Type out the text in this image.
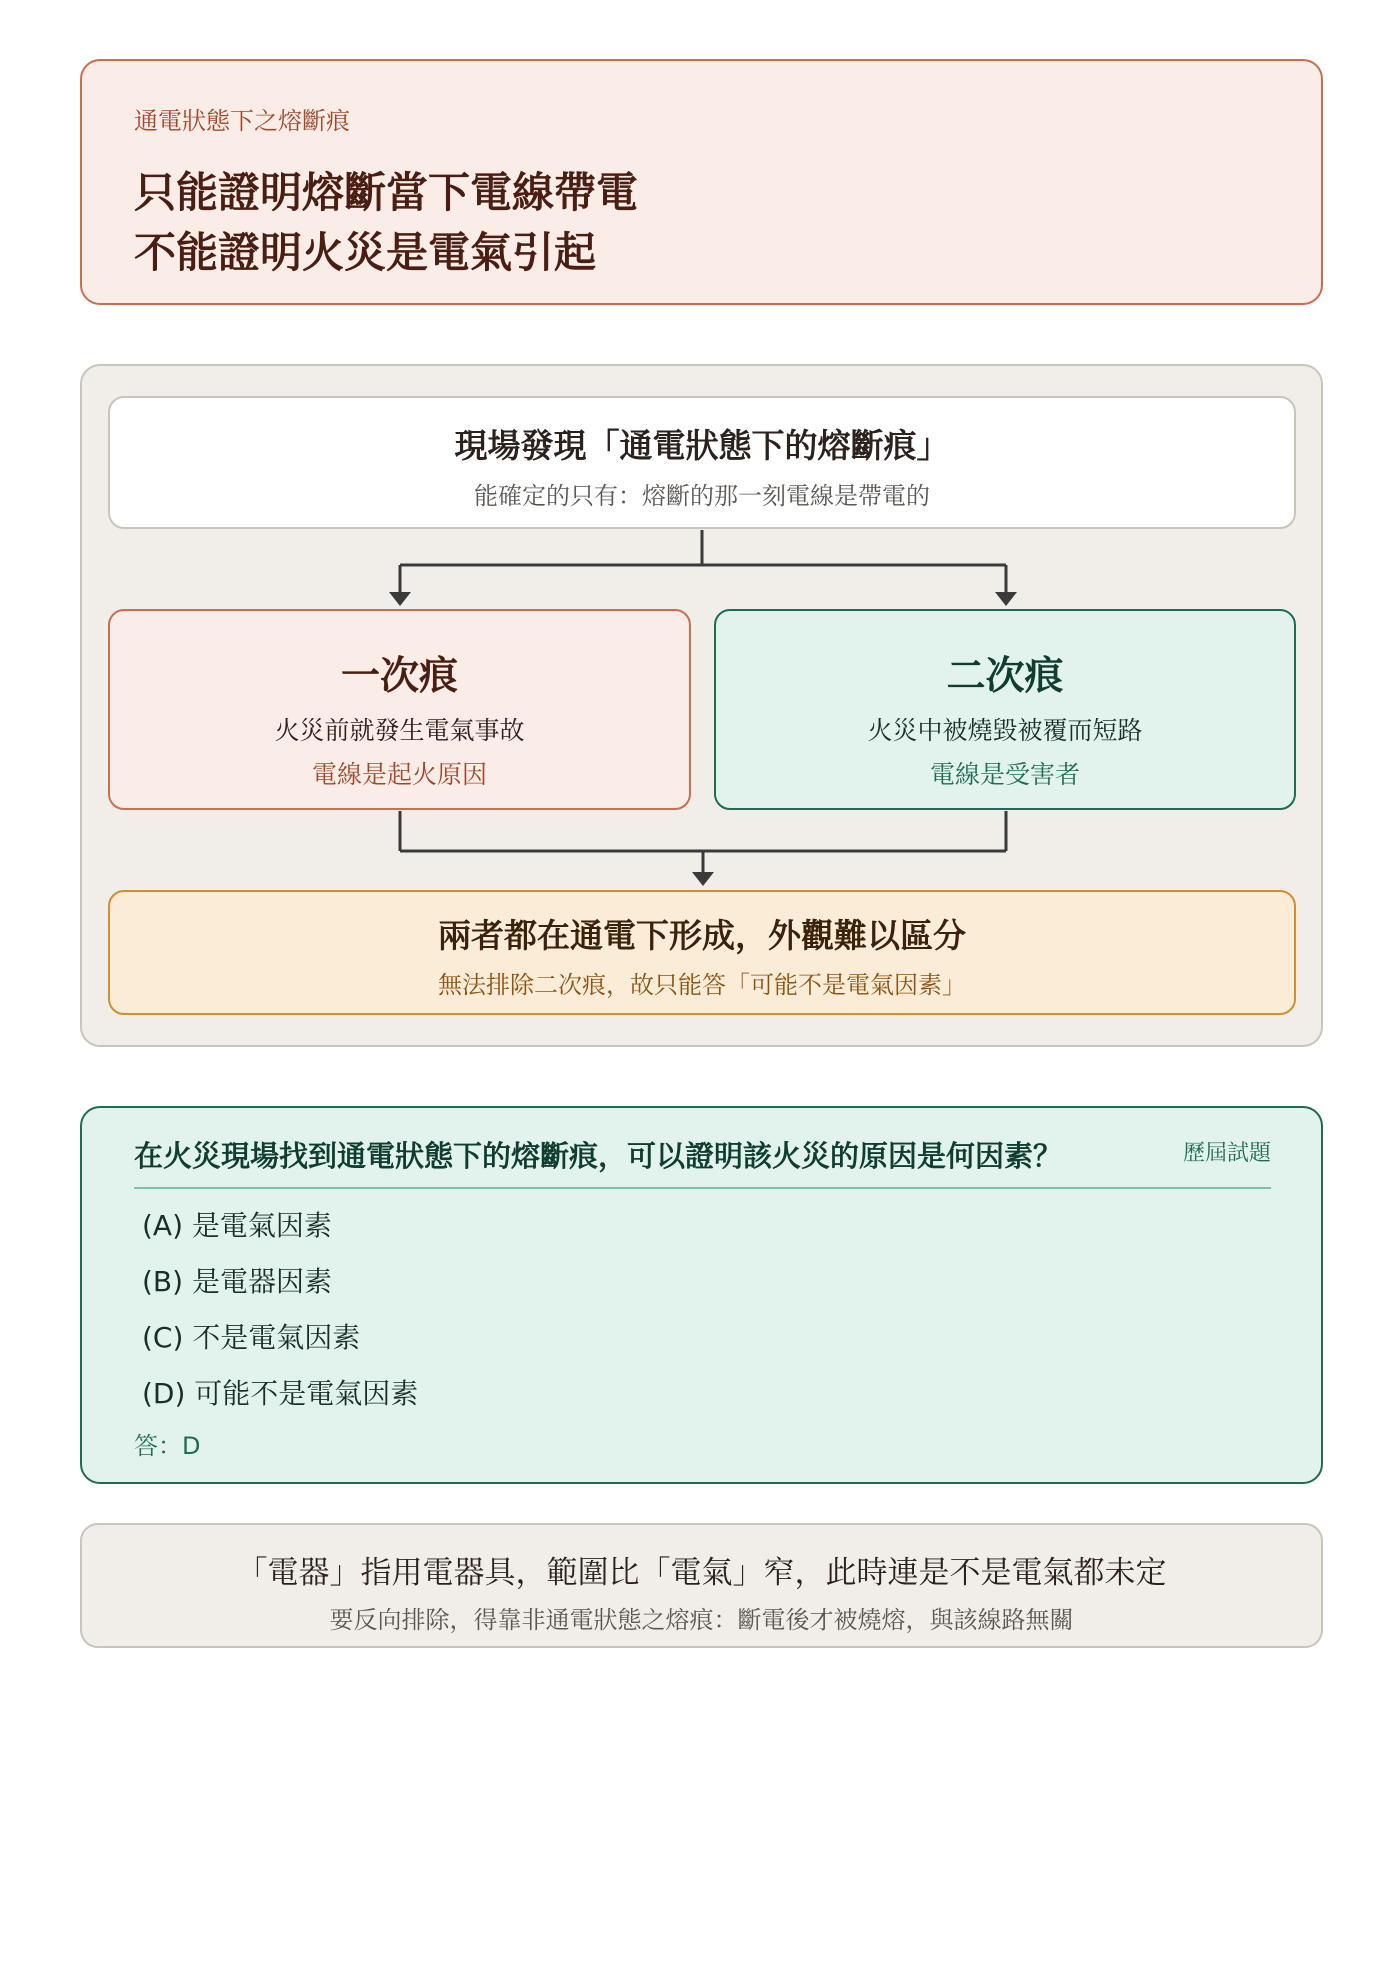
通電狀態下之熔斷痕
只能證明熔斷當下電線帶電
不能證明火災是電氣引起
現場發現「通電狀態下的熔斷痕」
能確定的只有：熔斷的那一刻電線是帶電的
一次痕
火災前就發生電氣事故
電線是起火原因
二次痕
火災中被燒毀被覆而短路
電線是受害者
兩者都在通電下形成，外觀難以區分
無法排除二次痕，故只能答「可能不是電氣因素」
在火災現場找到通電狀態下的熔斷痕，可以證明該火災的原因是何因素？	歷屆試題
(A) 是電氣因素
(B) 是電器因素
(C) 不是電氣因素
(D) 可能不是電氣因素
答：D
「電器」指用電器具，範圍比「電氣」窄，此時連是不是電氣都未定
要反向排除，得靠非通電狀態之熔痕：斷電後才被燒熔，與該線路無關
